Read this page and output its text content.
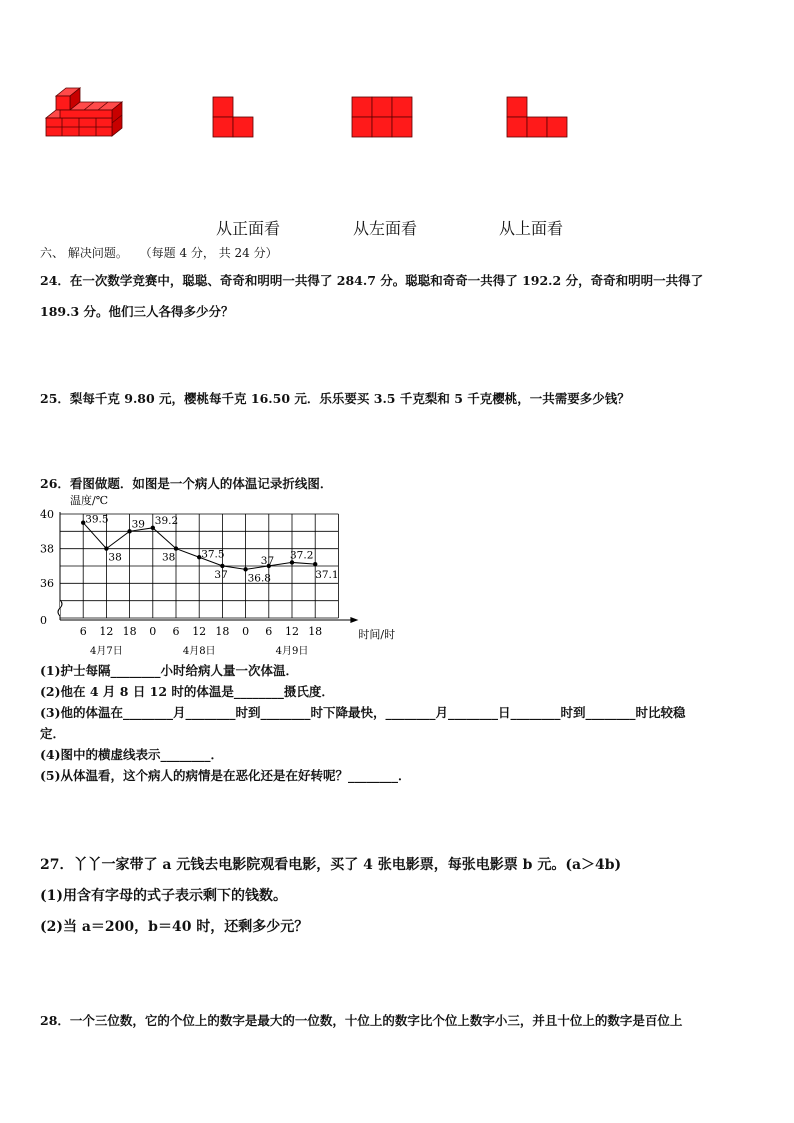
从正面看	从左面看	从上面看
六、 解决问题。 （每题 4 分， 共 24 分）
24．在一次数学竞赛中，聪聪、奇奇和明明一共得了 284.7 分。聪聪和奇奇一共得了 192.2 分，奇奇和明明一共得了
189.3 分。他们三人各得多少分？
25．梨每千克 9.80 元，樱桃每千克 16.50 元．乐乐要买 3.5 千克梨和 5 千克樱桃，一共需要多少钱？
26．看图做题．如图是一个病人的体温记录折线图．
40
38
36
0
温度/℃
6 12 18 0 6 12 18 0 6 12 18	时间/时
4月7日	4月8日	4月9日
39.5
38
39 39.2
38 37.5
37 36.8
37 37.2
37.1
(1)护士每隔________小时给病人量一次体温．
(2)他在 4 月 8 日 12 时的体温是________摄氏度．
(3)他的体温在________月________时到________时下降最快，________月________日________时到________时比较稳
定．
(4)图中的横虚线表示________．
(5)从体温看，这个病人的病情是在恶化还是在好转呢？________．
27．丫丫一家带了 a 元钱去电影院观看电影，买了 4 张电影票，每张电影票 b 元。(a＞4b)
(1)用含有字母的式子表示剩下的钱数。
(2)当 a＝200，b＝40 时，还剩多少元？
28．一个三位数，它的个位上的数字是最大的一位数，十位上的数字比个位上数字小三，并且十位上的数字是百位上
